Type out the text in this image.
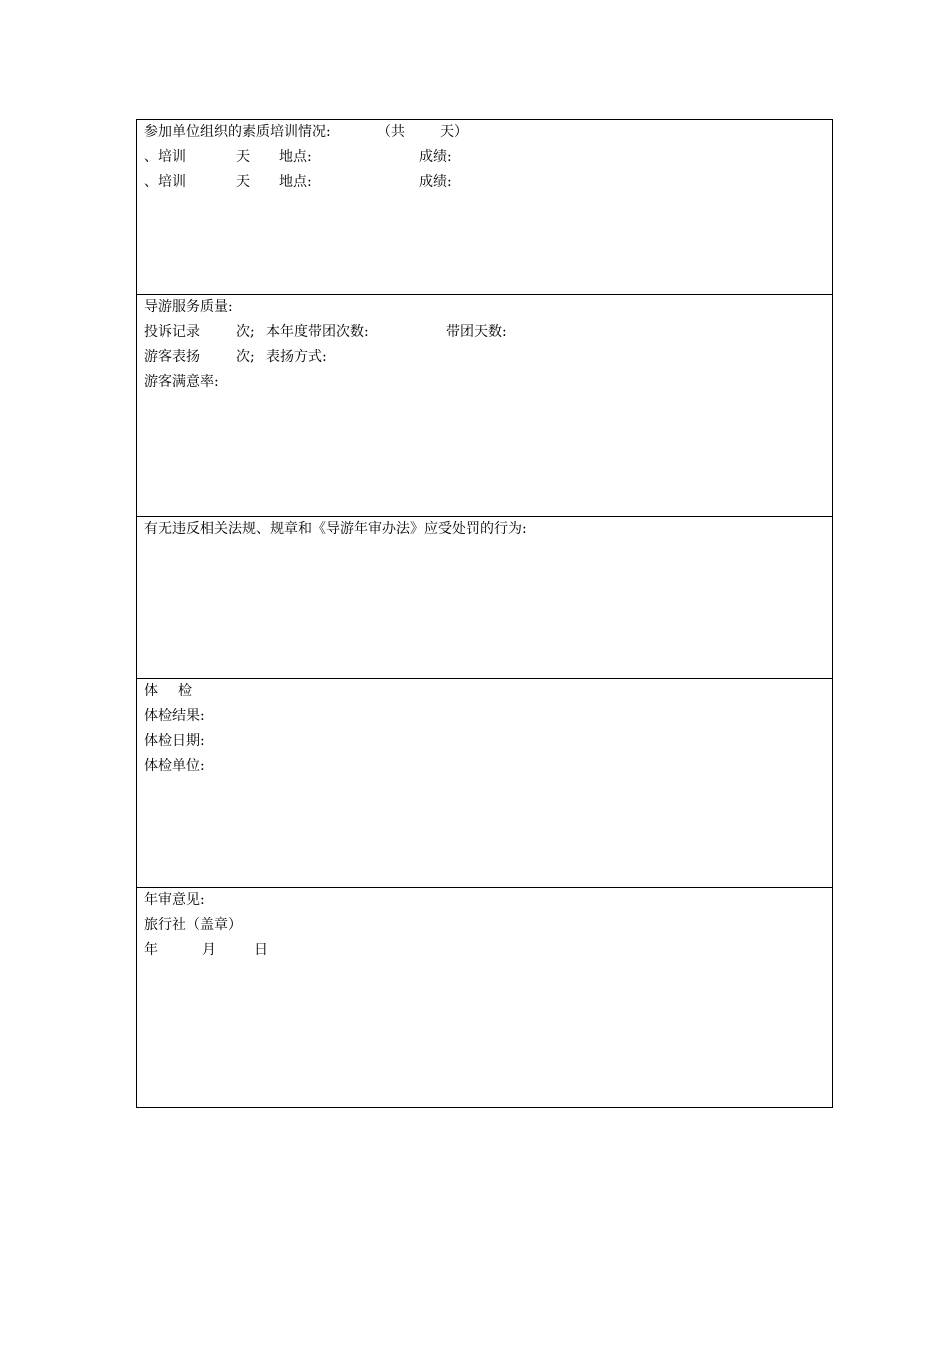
参加单位组织的素质培训情况:	（共	天）
、培训	天 地点:	成绩:
、培训	天 地点:	成绩:
导游服务质量:
投诉记录	次; 本年度带团次数:	带团天数:
游客表扬	次; 表扬方式:
游客满意率:
有无违反相关法规、规章和《导游年审办法》应受处罚的行为:
体 检
体检结果:
体检日期:
体检单位:
年审意见:
旅行社（盖章）
年	月	日
